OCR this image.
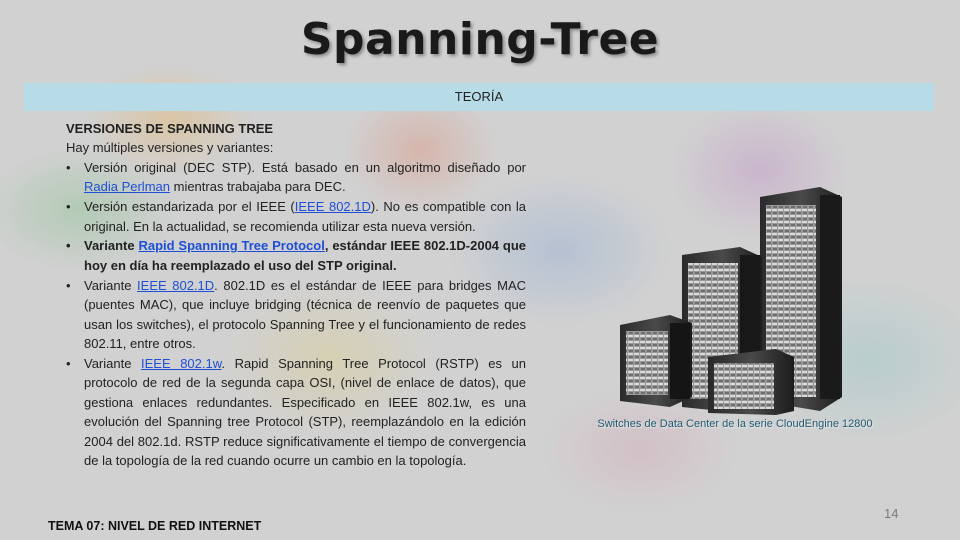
Spanning-Tree
TEORÍA

VERSIONES DE SPANNING TREE

Hay múltiples versiones y variantes:

• Versión original (DEC STP). Está basado en un algoritmo diseñado por Radia Perlman mientras trabajaba para DEC.
• Versión estandarizada por el IEEE (IEEE 802.1D). No es compatible con la original. En la actualidad, se recomienda utilizar esta nueva versión.
• Variante Rapid Spanning Tree Protocol, estándar IEEE 802.1D-2004 que hoy en día ha reemplazado el uso del STP original.
• Variante IEEE 802.1D. 802.1D es el estándar de IEEE para bridges MAC (puentes MAC), que incluye bridging (técnica de reenvío de paquetes que usan los switches), el protocolo Spanning Tree y el funcionamiento de redes 802.11, entre otros.
• Variante IEEE 802.1w. Rapid Spanning Tree Protocol (RSTP) es un protocolo de red de la segunda capa OSI, (nivel de enlace de datos), que gestiona enlaces redundantes. Especificado en IEEE 802.1w, es una evolución del Spanning tree Protocol (STP), reemplazándolo en la edición 2004 del 802.1d. RSTP reduce significativamente el tiempo de convergencia de la topología de la red cuando ocurre un cambio en la topología.
Switches de Data Center de la serie CloudEngine 12800
14
TEMA 07: NIVEL DE RED INTERNET
